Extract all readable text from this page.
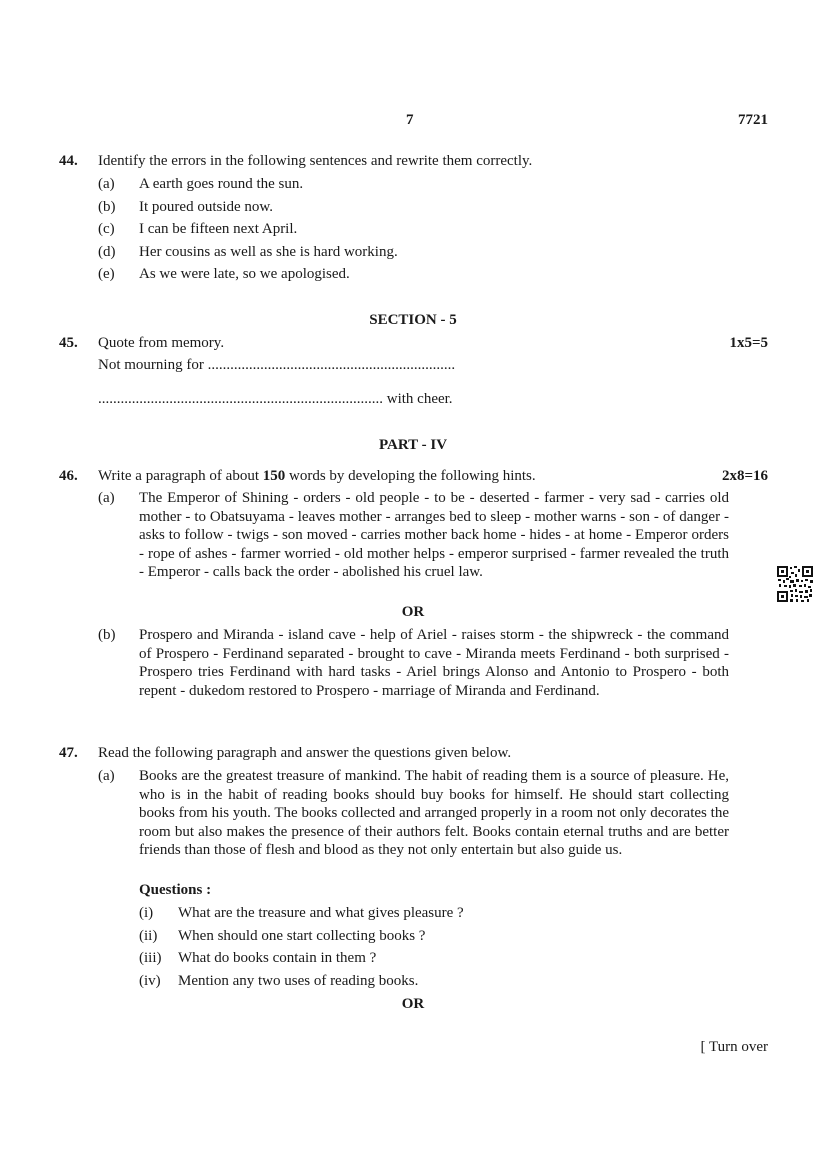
7	7721
44. Identify the errors in the following sentences and rewrite them correctly.
(a) A earth goes round the sun.
(b) It poured outside now.
(c) I can be fifteen next April.
(d) Her cousins as well as she is hard working.
(e) As we were late, so we apologised.
SECTION - 5
45. Quote from memory.	1x5=5
Not mourning for ..................................................................
............................................................................ with cheer.
PART - IV
46. Write a paragraph of about 150 words by developing the following hints.	2x8=16
(a) The Emperor of Shining - orders - old people - to be - deserted - farmer - very sad - carries old mother - to Obatsuyama - leaves mother - arranges bed to sleep - mother warns - son - of danger - asks to follow - twigs - son moved - carries mother back home - hides - at home - Emperor orders - rope of ashes - farmer worried - old mother helps - emperor surprised - farmer revealed the truth - Emperor - calls back the order - abolished his cruel law.
OR
(b) Prospero and Miranda - island cave - help of Ariel - raises storm - the shipwreck - the command of Prospero - Ferdinand separated - brought to cave - Miranda meets Ferdinand - both surprised - Prospero tries Ferdinand with hard tasks - Ariel brings Alonso and Antonio to Prospero - both repent - dukedom restored to Prospero - marriage of Miranda and Ferdinand.
47. Read the following paragraph and answer the questions given below.
(a) Books are the greatest treasure of mankind. The habit of reading them is a source of pleasure. He, who is in the habit of reading books should buy books for himself. He should start collecting books from his youth. The books collected and arranged properly in a room not only decorates the room but also makes the presence of their authors felt. Books contain eternal truths and are better friends than those of flesh and blood as they not only entertain but also guide us.
Questions :
(i) What are the treasure and what gives pleasure ?
(ii) When should one start collecting books ?
(iii) What do books contain in them ?
(iv) Mention any two uses of reading books.
OR
[ Turn over
